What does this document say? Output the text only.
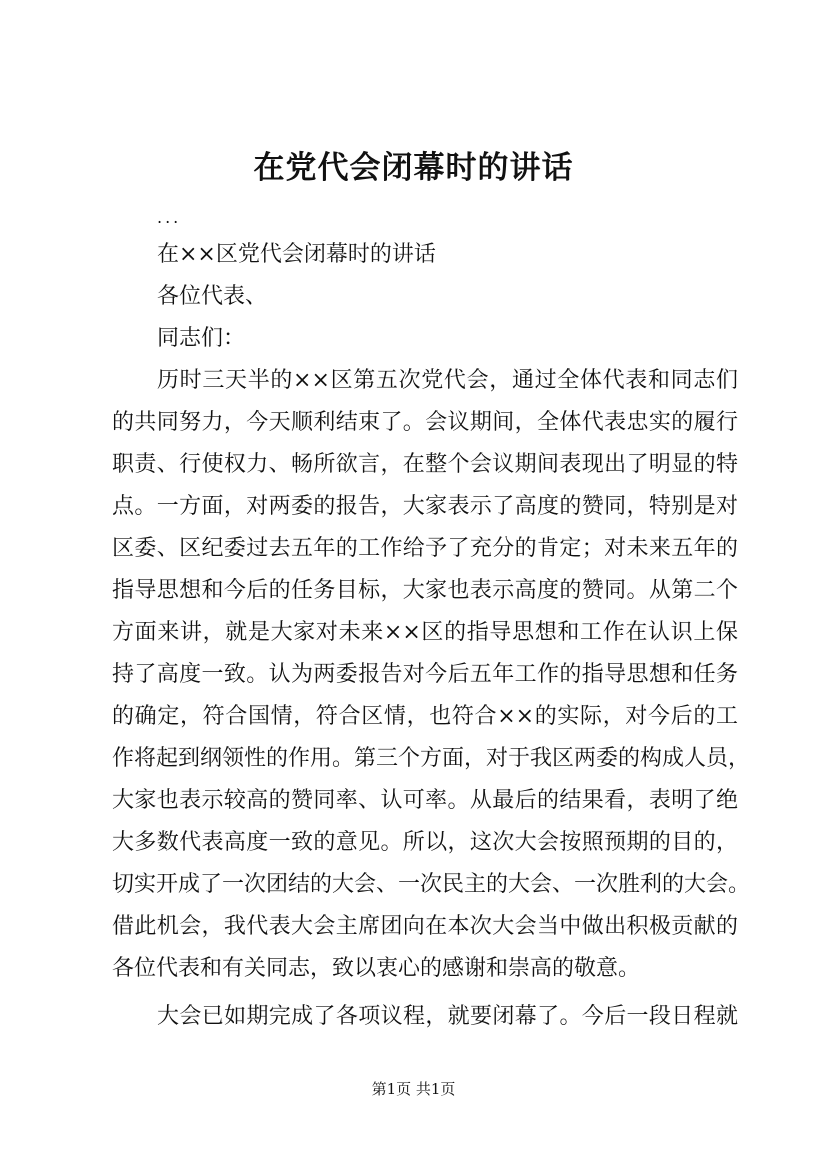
在党代会闭幕时的讲话
...
在××区党代会闭幕时的讲话
各位代表、
同志们：
历时三天半的××区第五次党代会，通过全体代表和同志们
的共同努力，今天顺利结束了。会议期间，全体代表忠实的履行
职责、行使权力、畅所欲言，在整个会议期间表现出了明显的特
点。一方面，对两委的报告，大家表示了高度的赞同，特别是对
区委、区纪委过去五年的工作给予了充分的肯定；对未来五年的
指导思想和今后的任务目标，大家也表示高度的赞同。从第二个
方面来讲，就是大家对未来××区的指导思想和工作在认识上保
持了高度一致。认为两委报告对今后五年工作的指导思想和任务
的确定，符合国情，符合区情，也符合××的实际，对今后的工
作将起到纲领性的作用。第三个方面，对于我区两委的构成人员，
大家也表示较高的赞同率、认可率。从最后的结果看，表明了绝
大多数代表高度一致的意见。所以，这次大会按照预期的目的，
切实开成了一次团结的大会、一次民主的大会、一次胜利的大会。
借此机会，我代表大会主席团向在本次大会当中做出积极贡献的
各位代表和有关同志，致以衷心的感谢和崇高的敬意。
大会已如期完成了各项议程，就要闭幕了。今后一段日程就
第1页 共1页
